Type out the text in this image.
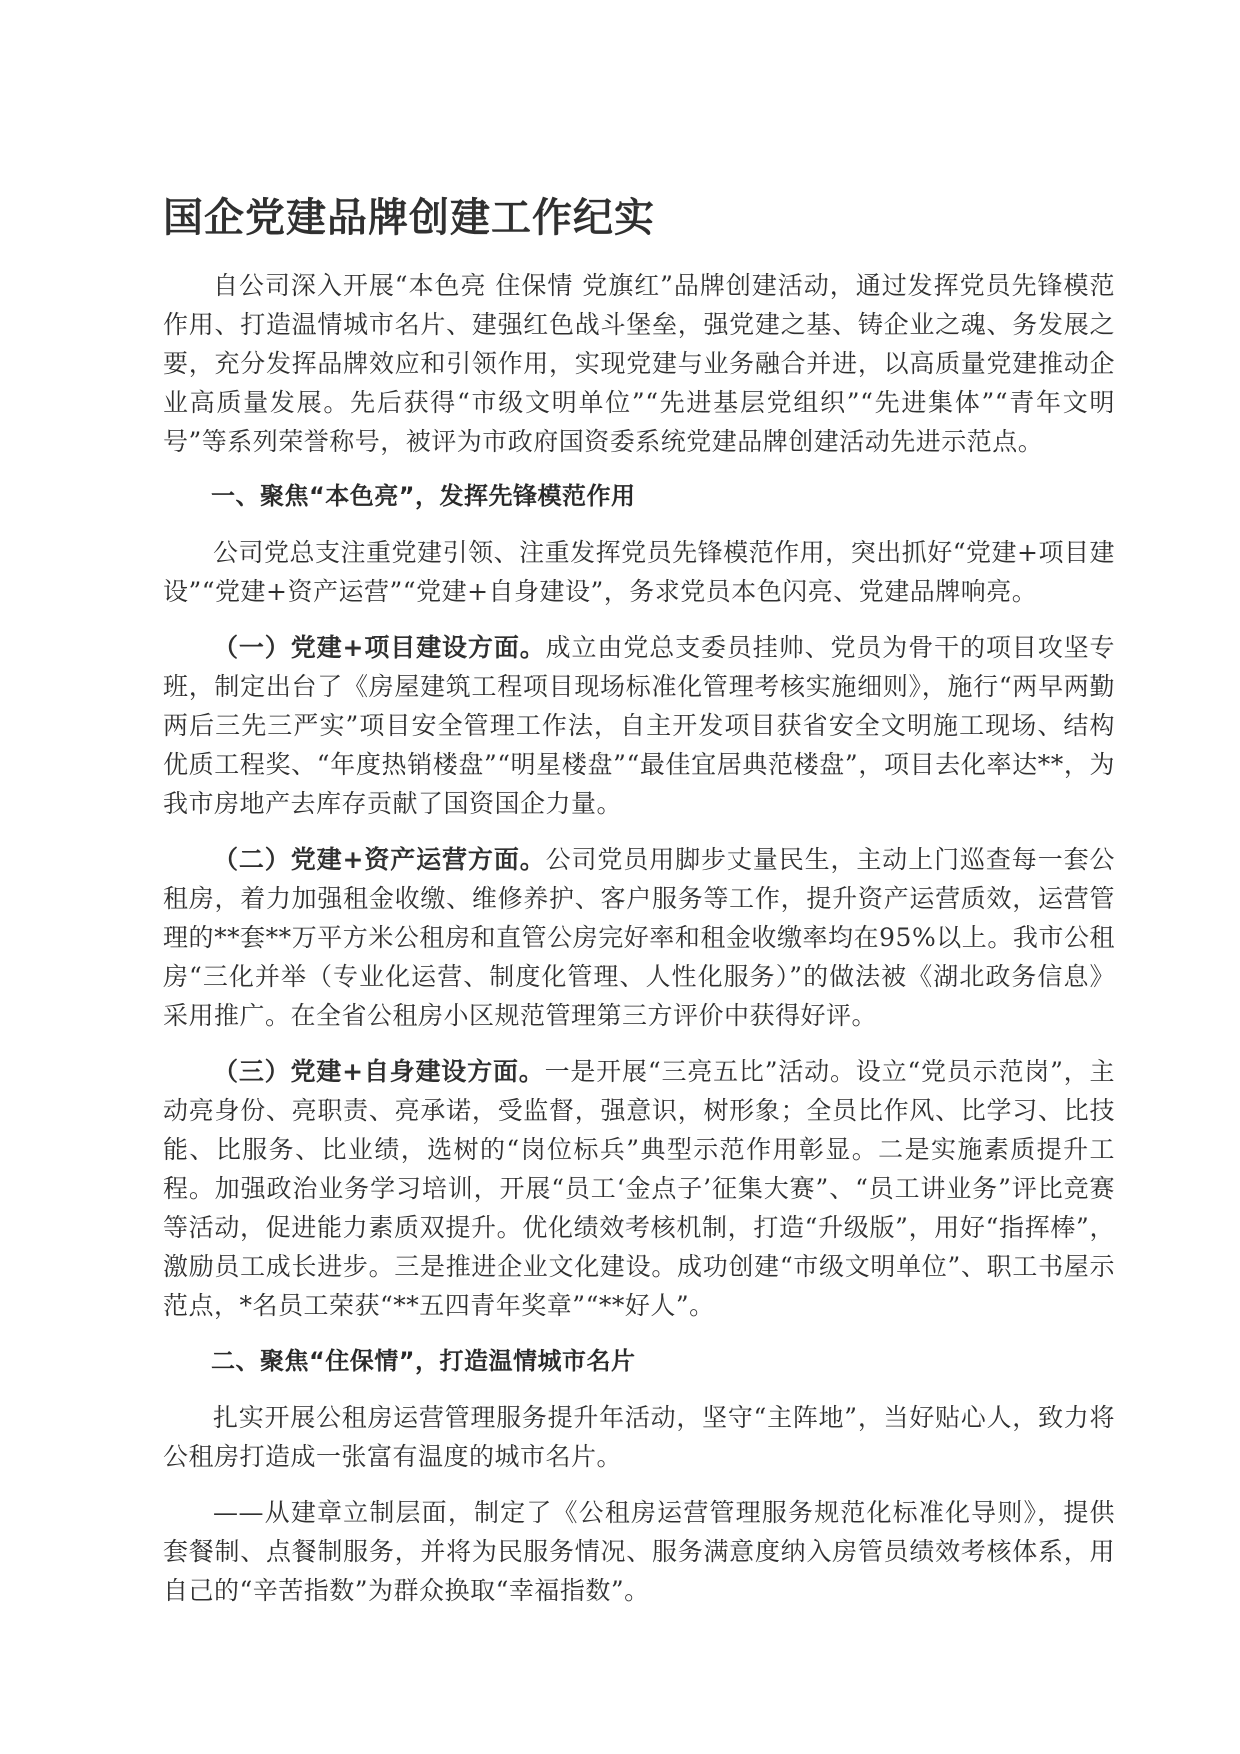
国企党建品牌创建工作纪实

自公司深入开展“本色亮 住保情 党旗红”品牌创建活动，通过发挥党员先锋模范作用、打造温情城市名片、建强红色战斗堡垒，强党建之基、铸企业之魂、务发展之要，充分发挥品牌效应和引领作用，实现党建与业务融合并进，以高质量党建推动企业高质量发展。先后获得“市级文明单位”“先进基层党组织”“先进集体”“青年文明号”等系列荣誉称号，被评为市政府国资委系统党建品牌创建活动先进示范点。

一、聚焦“本色亮”，发挥先锋模范作用

公司党总支注重党建引领、注重发挥党员先锋模范作用，突出抓好“党建+项目建设”“党建+资产运营”“党建+自身建设”，务求党员本色闪亮、党建品牌响亮。

（一）党建+项目建设方面。成立由党总支委员挂帅、党员为骨干的项目攻坚专班，制定出台了《房屋建筑工程项目现场标准化管理考核实施细则》，施行“两早两勤两后三先三严实”项目安全管理工作法，自主开发项目获省安全文明施工现场、结构优质工程奖、“年度热销楼盘”“明星楼盘”“最佳宜居典范楼盘”，项目去化率达**，为我市房地产去库存贡献了国资国企力量。

（二）党建+资产运营方面。公司党员用脚步丈量民生，主动上门巡查每一套公租房，着力加强租金收缴、维修养护、客户服务等工作，提升资产运营质效，运营管理的**套**万平方米公租房和直管公房完好率和租金收缴率均在95%以上。我市公租房“三化并举（专业化运营、制度化管理、人性化服务）”的做法被《湖北政务信息》采用推广。在全省公租房小区规范管理第三方评价中获得好评。

（三）党建+自身建设方面。一是开展“三亮五比”活动。设立“党员示范岗”，主动亮身份、亮职责、亮承诺，受监督，强意识，树形象；全员比作风、比学习、比技能、比服务、比业绩，选树的“岗位标兵”典型示范作用彰显。二是实施素质提升工程。加强政治业务学习培训，开展“员工‘金点子’征集大赛”、“员工讲业务”评比竞赛等活动，促进能力素质双提升。优化绩效考核机制，打造“升级版”，用好“指挥棒”，激励员工成长进步。三是推进企业文化建设。成功创建“市级文明单位”、职工书屋示范点，*名员工荣获“**五四青年奖章”“**好人”。

二、聚焦“住保情”，打造温情城市名片

扎实开展公租房运营管理服务提升年活动，坚守“主阵地”，当好贴心人，致力将公租房打造成一张富有温度的城市名片。

——从建章立制层面，制定了《公租房运营管理服务规范化标准化导则》，提供套餐制、点餐制服务，并将为民服务情况、服务满意度纳入房管员绩效考核体系，用自己的“辛苦指数”为群众换取“幸福指数”。
